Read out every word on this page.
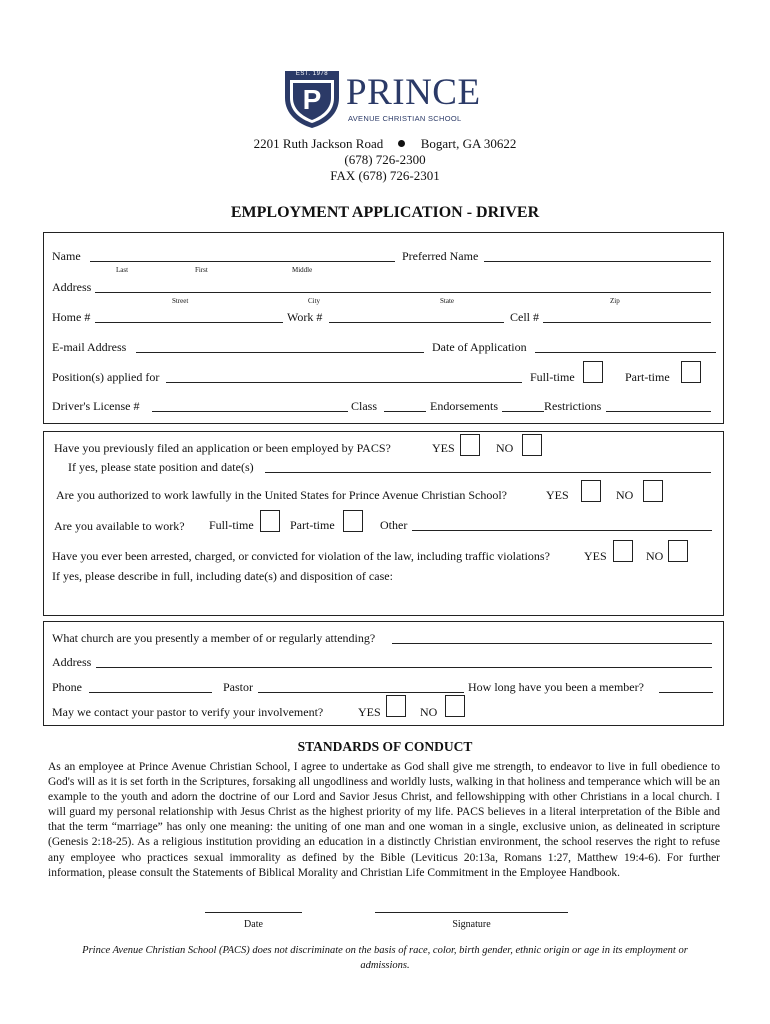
EST. 1978
P PRINCE
AVENUE CHRISTIAN SCHOOL
2201 Ruth Jackson Road	Bogart, GA 30622
(678) 726-2300
FAX (678) 726-2301
EMPLOYMENT APPLICATION - DRIVER
Name
Last	First	Middle
Preferred Name
Address
Street	City	State	Zip
Home #	Work #	Cell #
E-mail Address	Date of Application
Position(s) applied for	Full-time	Part-time
Driver's License #	Class	Endorsements	Restrictions
Have you previously filed an application or been employed by PACS?	YES	NO
If yes, please state position and date(s)
Are you authorized to work lawfully in the United States for Prince Avenue Christian School?	YES	NO
Are you available to work? Full-time	Part-time	Other
Have you ever been arrested, charged, or convicted for violation of the law, including traffic violations?	YES	NO
If yes, please describe in full, including date(s) and disposition of case:
What church are you presently a member of or regularly attending?
Address
Phone	Pastor	How long have you been a member?
May we contact your pastor to verify your involvement?	YES	NO
STANDARDS OF CONDUCT
As an employee at Prince Avenue Christian School, I agree to undertake as God shall give me strength, to endeavor to live in full obedience to God's will as it is set forth in the Scriptures, forsaking all ungodliness and worldly lusts, walking in that holiness and temperance which will be an example to the youth and adorn the doctrine of our Lord and Savior Jesus Christ, and fellowshipping with other Christians in a local church. I will guard my personal relationship with Jesus Christ as the highest priority of my life. PACS believes in a literal interpretation of the Bible and that the term “marriage” has only one meaning: the uniting of one man and one woman in a single, exclusive union, as delineated in scripture (Genesis 2:18-25). As a religious institution providing an education in a distinctly Christian environment, the school reserves the right to refuse any employee who practices sexual immorality as defined by the Bible (Leviticus 20:13a, Romans 1:27, Matthew 19:4-6). For further information, please consult the Statements of Biblical Morality and Christian Life Commitment in the Employee Handbook.
Date	Signature
Prince Avenue Christian School (PACS) does not discriminate on the basis of race, color, birth gender, ethnic origin or age in its employment or admissions.
